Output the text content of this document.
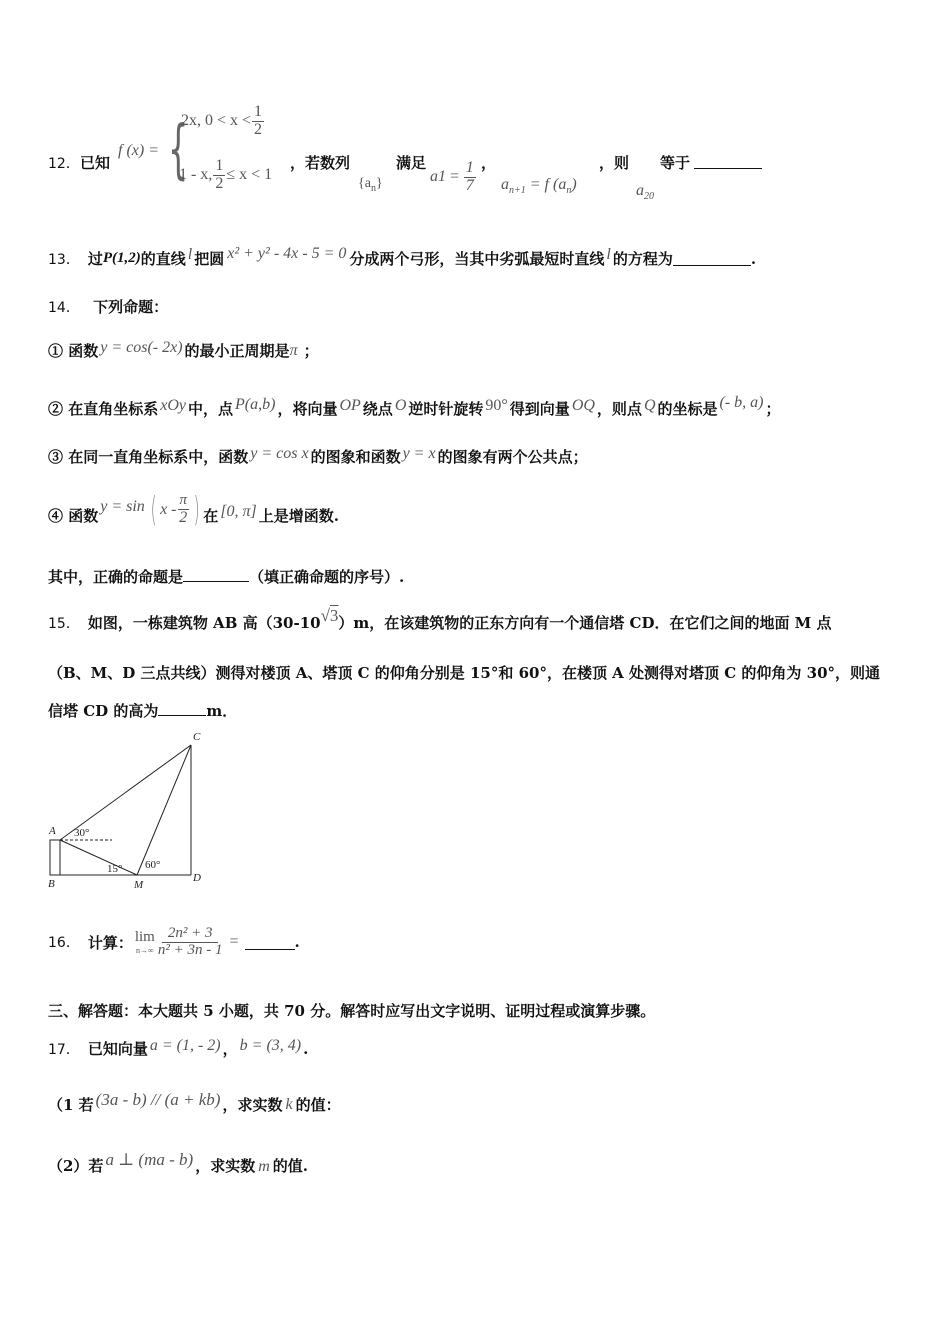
12． 已知
f (x) = {
2x, $0 < x < \frac{1}{2}$
1 - x, $\frac{1}{2} \le x < 1$
，若数列	满足
$\{a_n\}$	a $1 = \frac{1}{7}$ ，
$a_{n+1} = f$ $(a_n)$
，则 等于
$a_{20}$
13． 过 P(1,2) 的直线 l 把圆 x² + y² - 4x - 5 = 0 分成两个弓形，当其中劣弧最短时直线 l 的方程为	.
14． 下列命题：
① 函数 y = cos(- 2x) 的最小正周期是 π ；
② 在直角坐标系 xOy 中，点 P(a,b) ，将向量 OP 绕点 O 逆时针旋转 90° 得到向量 OQ ，则点 Q 的坐标是 (- b, a) ；
③ 在同一直角坐标系中，函数 y = cos x 的图象和函数 y = x 的图象有两个公共点；
④ 函数 y = sin ( x - $\frac{\pi}{2}$ ) 在 [0, π] 上是增函数.
其中，正确的命题是	（填正确命题的序号）.
15． 如图，一栋建筑物 AB 高（30-10 √3 ）m，在该建筑物的正东方向有一个通信塔 CD．在它们之间的地面 M 点
（B、M、D 三点共线）测得对楼顶 A、塔顶 C 的仰角分别是 15°和 60°，在楼顶 A 处测得对塔顶 C 的仰角为 30°，则通
信塔 CD 的高为	m．
A
B
C
D
M
30°
15° 60°
16． 计算： lim
$n\to\infty \frac{\text{2n² + 3}}{\text{n² + 3n - 1}}$ =	.
三、解答题：本大题共 5 小题，共 70 分。解答时应写出文字说明、证明过程或演算步骤。
17． 已知向量 a = (1, - 2) ， b = (3, 4) .
（1 若 (3a - b) // (a + kb) ，求实数 k 的值：
（2）若 a ⊥ (ma - b) ，求实数 m 的值.
